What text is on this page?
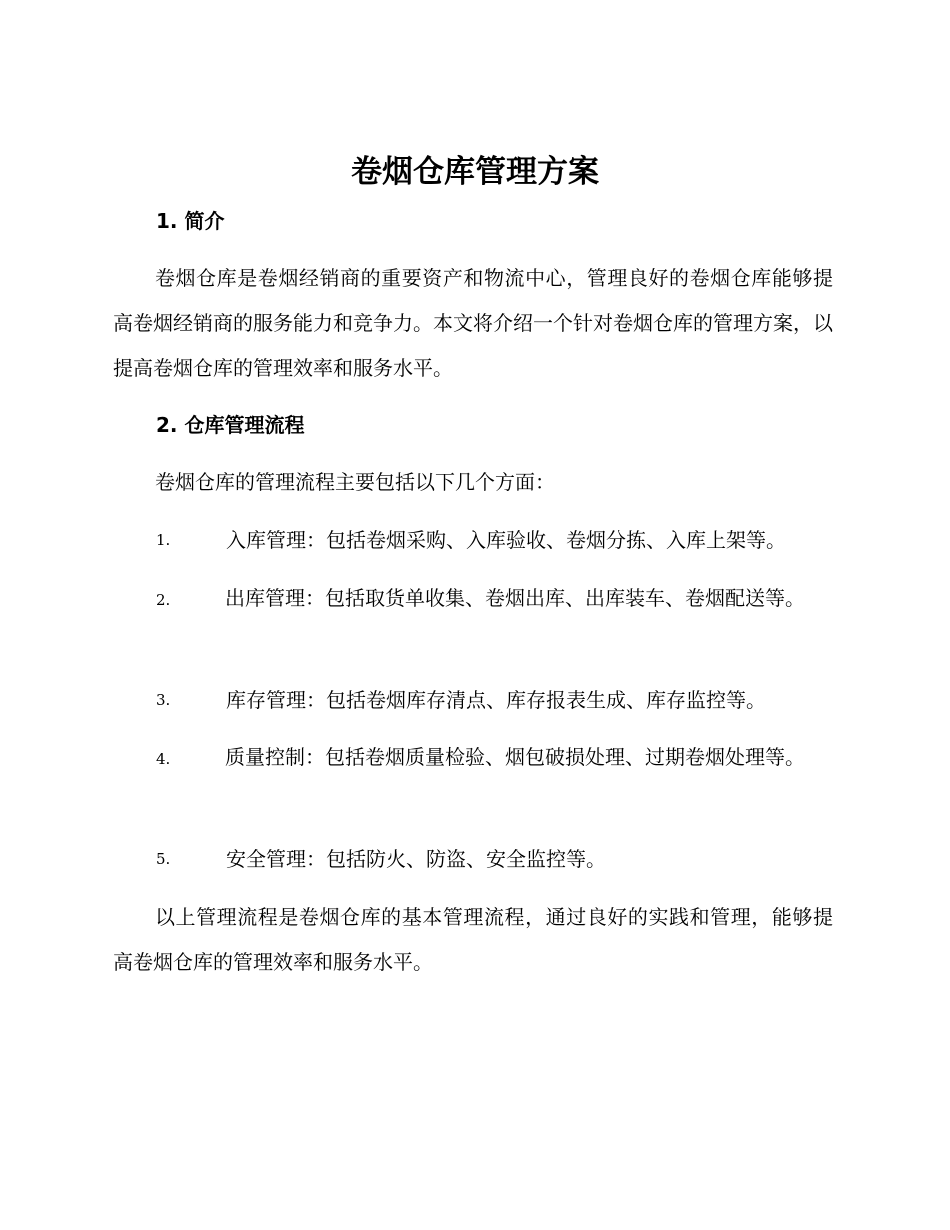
卷烟仓库管理方案
1. 简介

卷烟仓库是卷烟经销商的重要资产和物流中心，管理良好的卷烟仓库能够提高卷烟经销商的服务能力和竞争力。本文将介绍一个针对卷烟仓库的管理方案，以提高卷烟仓库的管理效率和服务水平。

2. 仓库管理流程

卷烟仓库的管理流程主要包括以下几个方面：

1.	入库管理：包括卷烟采购、入库验收、卷烟分拣、入库上架等。

2.	出库管理：包括取货单收集、卷烟出库、出库装车、卷烟配送等。

3.	库存管理：包括卷烟库存清点、库存报表生成、库存监控等。

4.	质量控制：包括卷烟质量检验、烟包破损处理、过期卷烟处理等。

5.	安全管理：包括防火、防盗、安全监控等。

以上管理流程是卷烟仓库的基本管理流程，通过良好的实践和管理，能够提高卷烟仓库的管理效率和服务水平。
